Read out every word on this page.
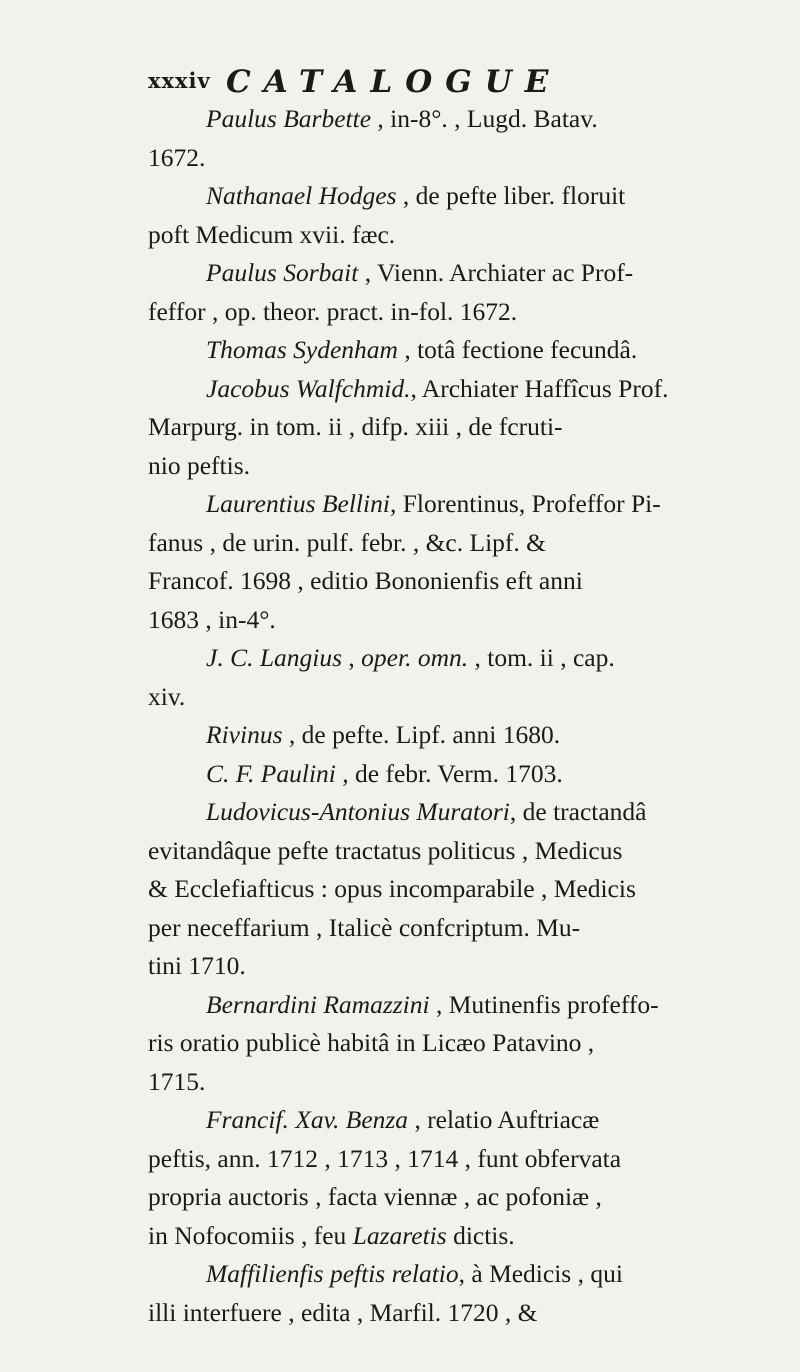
xxxiv CATALOGUE
Paulus Barbette , in-8°. , Lugd. Batav.
1672.
Nathanael Hodges , de pefte liber. floruit
poft Medicum xvii. fæc.
Paulus Sorbait , Vienn. Archiater ac Prof-
feffor , op. theor. pract. in-fol. 1672.
Thomas Sydenham , totâ fectione fecundâ.
Jacobus Walfchmid., Archiater Haffîcus Prof.
Marpurg. in tom. ii , difp. xiii , de fcruti-
nio peftis.
Laurentius Bellini, Florentinus, Profeffor Pi-
fanus , de urin. pulf. febr. , &c. Lipf. &
Francof. 1698 , editio Bononienfis eft anni
1683 , in-4°.
J. C. Langius , oper. omn. , tom. ii , cap.
xiv.
Rivinus , de pefte. Lipf. anni 1680.
C. F. Paulini , de febr. Verm. 1703.
Ludovicus-Antonius Muratori, de tractandâ
evitandâque pefte tractatus politicus , Medicus
& Ecclefiafticus : opus incomparabile , Medicis
per neceffarium , Italicè confcriptum. Mu-
tini 1710.
Bernardini Ramazzini , Mutinenfis profeffo-
ris oratio publicè habitâ in Licæo Patavino ,
1715.
Francif. Xav. Benza , relatio Auftriacæ
peftis, ann. 1712 , 1713 , 1714 , funt obfervata
propria auctoris , facta viennæ , ac pofoniæ ,
in Nofocomiis , feu Lazaretis dictis.
Maffilienfis peftis relatio, à Medicis , qui
illi interfuere , edita , Marfil. 1720 , &
